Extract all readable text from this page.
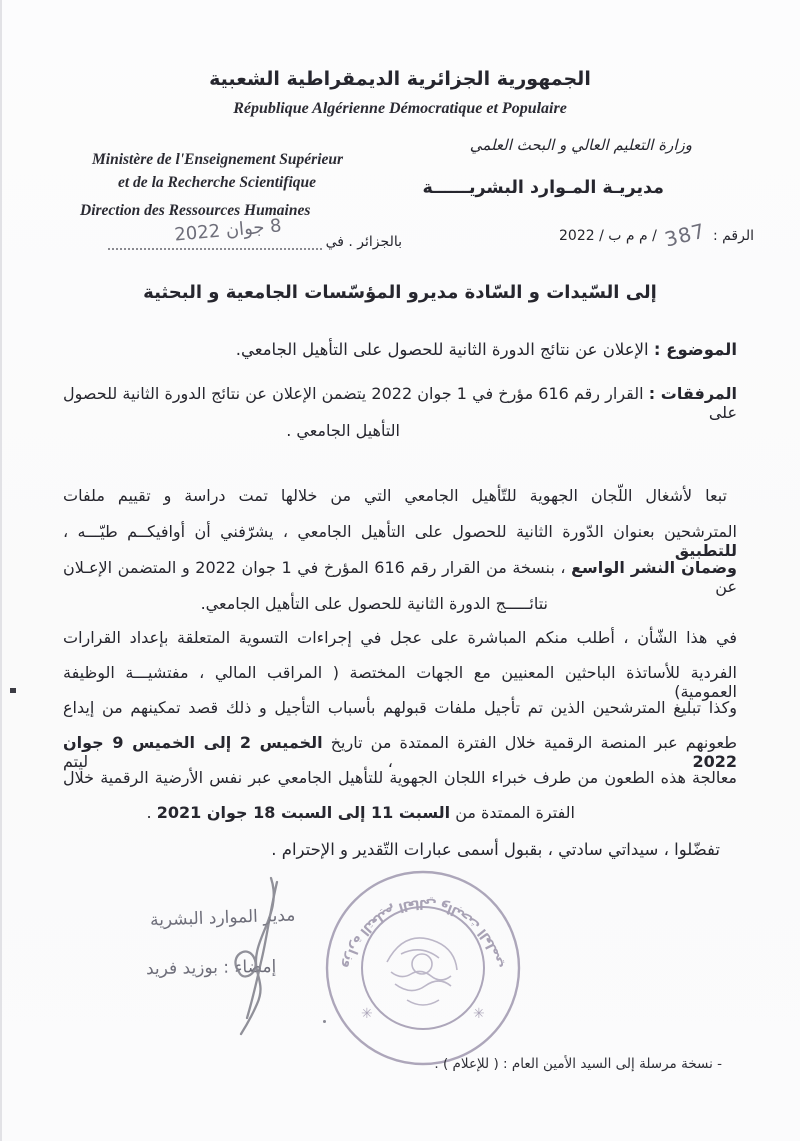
الجمهورية الجزائرية الديمقراطية الشعبية
République Algérienne Démocratique et Populaire
Ministère de l'Enseignement Supérieur
et de la Recherche Scientifique
Direction des Ressources Humaines
وزارة التعليم العالي و البحث العلمي
مديريـة المـوارد البشريــــــة
الرقم : 387 / م م ب / 2022
بالجزائر . في
8 جوان 2022
إلى السّيدات و السّادة مديرو المؤسّسات الجامعية و البحثية
الموضوع : الإعلان عن نتائج الدورة الثانية للحصول على التأهيل الجامعي.
المرفقات : القرار رقم 616 مؤرخ في 1 جوان 2022 يتضمن الإعلان عن نتائج الدورة الثانية للحصول على
التأهيل الجامعي .
تبعا لأشغال اللّجان الجهوية للتّأهيل الجامعي التي من خلالها تمت دراسة و تقييم ملفات
المترشحين بعنوان الدّورة الثانية للحصول على التأهيل الجامعي ، يشرّفني أن أوافيكــم طيّـــه ، للتطبيق
وضمان النشر الواسع ، بنسخة من القرار رقم 616 المؤرخ في 1 جوان 2022 و المتضمن الإعـلان عن
نتائـــــج الدورة الثانية للحصول على التأهيل الجامعي.
في هذا الشّأن ، أطلب منكم المباشرة على عجل في إجراءات التسوية المتعلقة بإعداد القرارات
الفردية للأساتذة الباحثين المعنيين مع الجهات المختصة ( المراقب المالي ، مفتشيـــة الوظيفة العمومية)
وكذا تبليغ المترشحين الذين تم تأجيل ملفات قبولهم بأسباب التأجيل و ذلك قصد تمكينهم من إيداع
طعونهم عبر المنصة الرقمية خلال الفترة الممتدة من تاريخ الخميس 2 إلى الخميس 9 جوان 2022 ، ليتم
معالجة هذه الطعون من طرف خبراء اللجان الجهوية للتأهيل الجامعي عبر نفس الأرضية الرقمية خلال
الفترة الممتدة من السبت 11 إلى السبت 18 جوان 2021 .
تفضّلوا ، سيداتي سادتي ، بقبول أسمى عبارات التّقدير و الإحترام .
مدير الموارد البشرية
إمضاء : بوزيد فريد	وزارة التعليم العالي والبحث العلمي
✳	✳
- نسخة مرسلة إلى السيد الأمين العام : ( للإعلام ) .
